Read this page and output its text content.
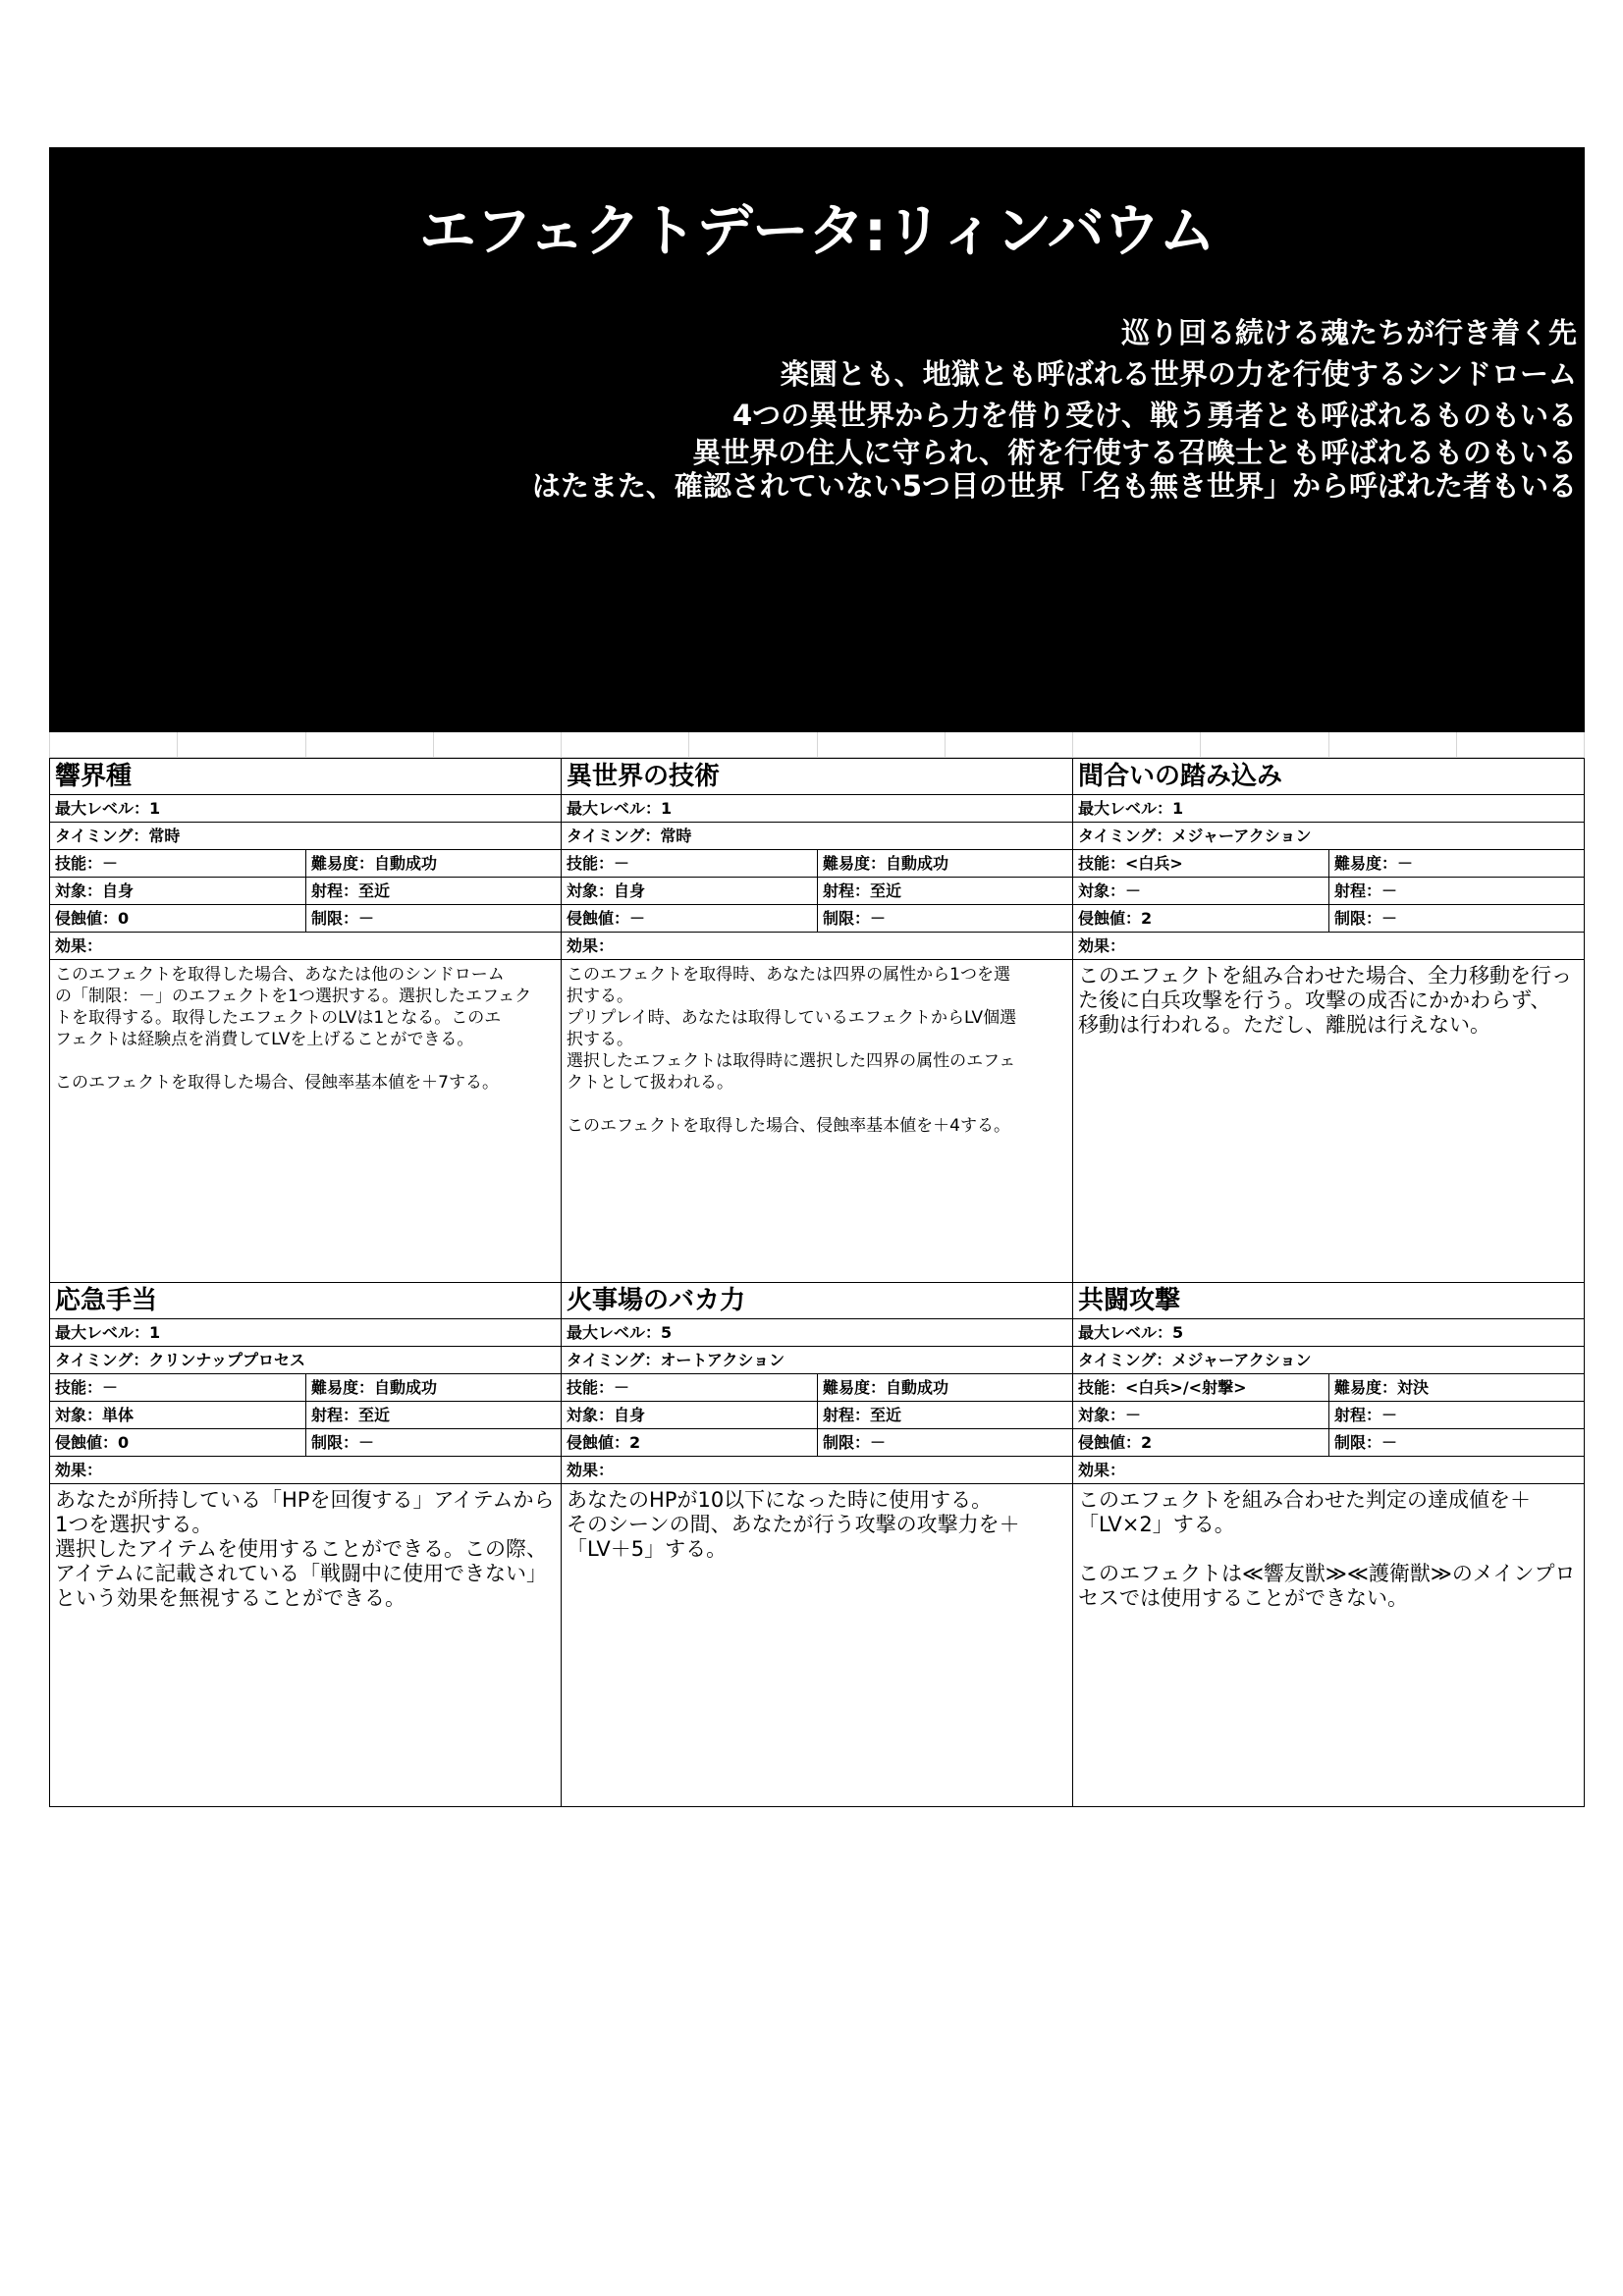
エフェクトデータ:リィンバウム
巡り回る続ける魂たちが行き着く先
楽園とも、地獄とも呼ばれる世界の力を行使するシンドローム
4つの異世界から力を借り受け、戦う勇者とも呼ばれるものもいる
異世界の住人に守られ、術を行使する召喚士とも呼ばれるものもいる
はたまた、確認されていない5つ目の世界「名も無き世界」から呼ばれた者もいる
響界種
最大レベル：1
タイミング：常時
技能：－	難易度：自動成功
対象：自身	射程：至近
侵蝕値：0	制限：－
効果：
このエフェクトを取得した場合、あなたは他のシンドローム
の「制限：－」のエフェクトを1つ選択する。選択したエフェク
トを取得する。取得したエフェクトのLVは1となる。このエ
フェクトは経験点を消費してLVを上げることができる。

このエフェクトを取得した場合、侵蝕率基本値を＋7する。
異世界の技術
最大レベル：1
タイミング：常時
技能：－	難易度：自動成功
対象：自身	射程：至近
侵蝕値：－	制限：－
効果：
このエフェクトを取得時、あなたは四界の属性から1つを選
択する。
プリプレイ時、あなたは取得しているエフェクトからLV個選
択する。
選択したエフェクトは取得時に選択した四界の属性のエフェ
クトとして扱われる。

このエフェクトを取得した場合、侵蝕率基本値を＋4する。
間合いの踏み込み
最大レベル：1
タイミング：メジャーアクション
技能：<白兵>	難易度：－
対象：－	射程：－
侵蝕値：2	制限：－
効果：
このエフェクトを組み合わせた場合、全力移動を行っ
た後に白兵攻撃を行う。攻撃の成否にかかわらず、
移動は行われる。ただし、離脱は行えない。
応急手当
最大レベル：1
タイミング：クリンナッププロセス
技能：－	難易度：自動成功
対象：単体	射程：至近
侵蝕値：0	制限：－
効果：
あなたが所持している「HPを回復する」アイテムから
1つを選択する。
選択したアイテムを使用することができる。この際、
アイテムに記載されている「戦闘中に使用できない」
という効果を無視することができる。
火事場のバカ力
最大レベル：5
タイミング：オートアクション
技能：－	難易度：自動成功
対象：自身	射程：至近
侵蝕値：2	制限：－
効果：
あなたのHPが10以下になった時に使用する。
そのシーンの間、あなたが行う攻撃の攻撃力を＋
「LV＋5」する。
共闘攻撃
最大レベル：5
タイミング：メジャーアクション
技能：<白兵>/<射撃>	難易度：対決
対象：－	射程：－
侵蝕値：2	制限：－
効果：
このエフェクトを組み合わせた判定の達成値を＋
「LV×2」する。

このエフェクトは≪響友獣≫≪護衛獣≫のメインプロ
セスでは使用することができない。
